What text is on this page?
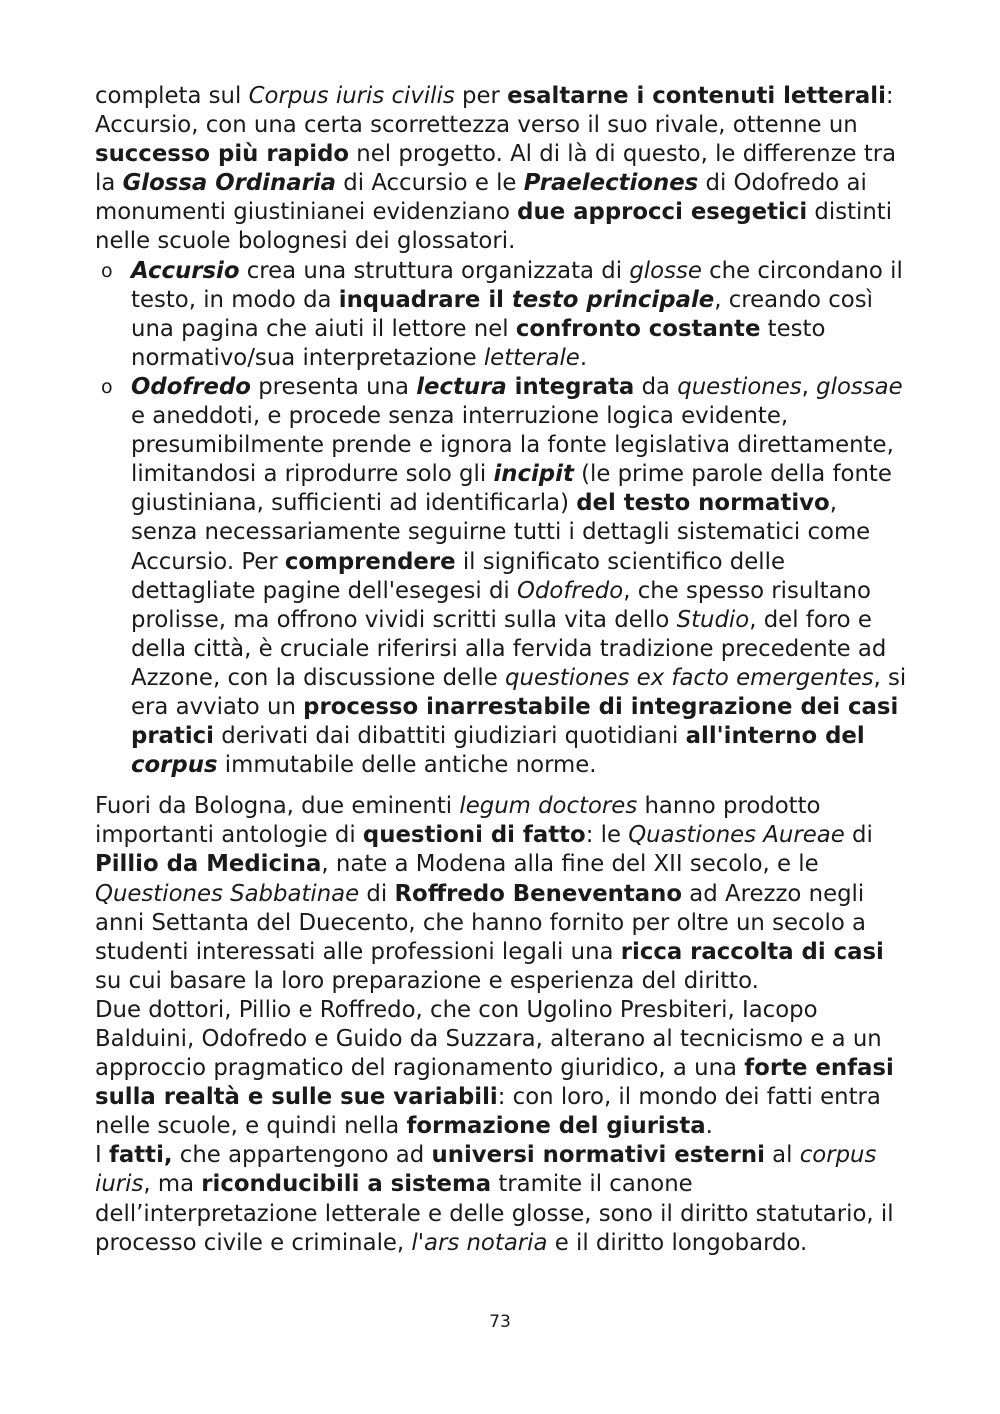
completa sul Corpus iuris civilis per esaltarne i contenuti letterali: Accursio, con una certa scorrettezza verso il suo rivale, ottenne un successo più rapido nel progetto. Al di là di questo, le differenze tra la Glossa Ordinaria di Accursio e le Praelectiones di Odofredo ai monumenti giustinianei evidenziano due approcci esegetici distinti nelle scuole bolognesi dei glossatori.

o Accursio crea una struttura organizzata di glosse che circondano il testo, in modo da inquadrare il testo principale, creando così una pagina che aiuti il lettore nel confronto costante testo normativo/sua interpretazione letterale.
o Odofredo presenta una lectura integrata da questiones, glossae e aneddoti, e procede senza interruzione logica evidente, presumibilmente prende e ignora la fonte legislativa direttamente, limitandosi a riprodurre solo gli incipit (le prime parole della fonte giustiniana, sufficienti ad identificarla) del testo normativo, senza necessariamente seguirne tutti i dettagli sistematici come Accursio. Per comprendere il significato scientifico delle dettagliate pagine dell'esegesi di Odofredo, che spesso risultano prolisse, ma offrono vividi scritti sulla vita dello Studio, del foro e della città, è cruciale riferirsi alla fervida tradizione precedente ad Azzone, con la discussione delle questiones ex facto emergentes, si era avviato un processo inarrestabile di integrazione dei casi pratici derivati dai dibattiti giudiziari quotidiani all'interno del corpus immutabile delle antiche norme.

Fuori da Bologna, due eminenti legum doctores hanno prodotto importanti antologie di questioni di fatto: le Quastiones Aureae di Pillio da Medicina, nate a Modena alla fine del XII secolo, e le Questiones Sabbatinae di Roffredo Beneventano ad Arezzo negli anni Settanta del Duecento, che hanno fornito per oltre un secolo a studenti interessati alle professioni legali una ricca raccolta di casi su cui basare la loro preparazione e esperienza del diritto.

Due dottori, Pillio e Roffredo, che con Ugolino Presbiteri, Iacopo Balduini, Odofredo e Guido da Suzzara, alterano al tecnicismo e a un approccio pragmatico del ragionamento giuridico, a una forte enfasi sulla realtà e sulle sue variabili: con loro, il mondo dei fatti entra nelle scuole, e quindi nella formazione del giurista.

I fatti, che appartengono ad universi normativi esterni al corpus iuris, ma riconducibili a sistema tramite il canone dell’interpretazione letterale e delle glosse, sono il diritto statutario, il processo civile e criminale, l'ars notaria e il diritto longobardo.

73
